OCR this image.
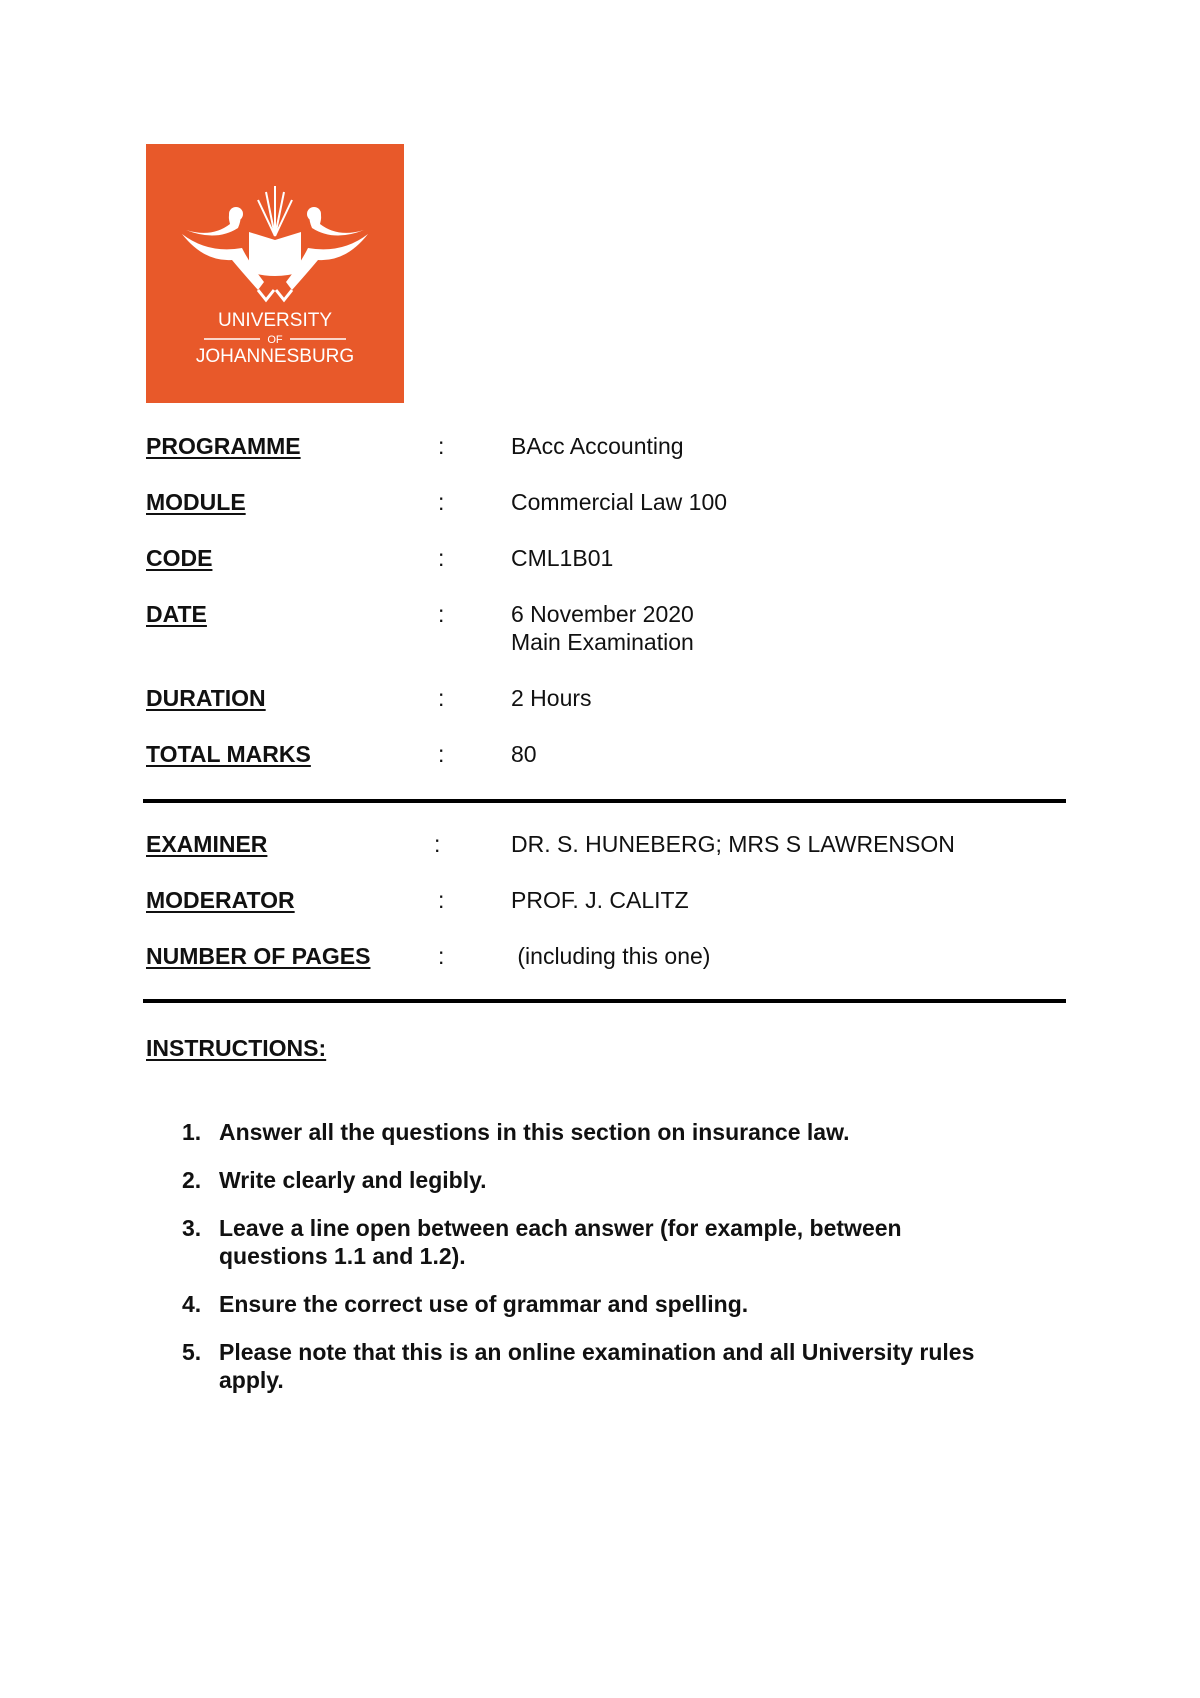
UNIVERSITY
OF
JOHANNESBURG
PROGRAMME	:	BAcc Accounting
MODULE	:	Commercial Law 100
CODE	:	CML1B01
DATE	:	6 November 2020
Main Examination
DURATION	:	2 Hours
TOTAL MARKS	:	80
EXAMINER	:	DR. S. HUNEBERG; MRS S LAWRENSON
MODERATOR	:	PROF. J. CALITZ
NUMBER OF PAGES	:	(including this one)
INSTRUCTIONS:
1. Answer all the questions in this section on insurance law.
2. Write clearly and legibly.
3. Leave a line open between each answer (for example, between questions 1.1 and 1.2).
4. Ensure the correct use of grammar and spelling.
5. Please note that this is an online examination and all University rules apply.
